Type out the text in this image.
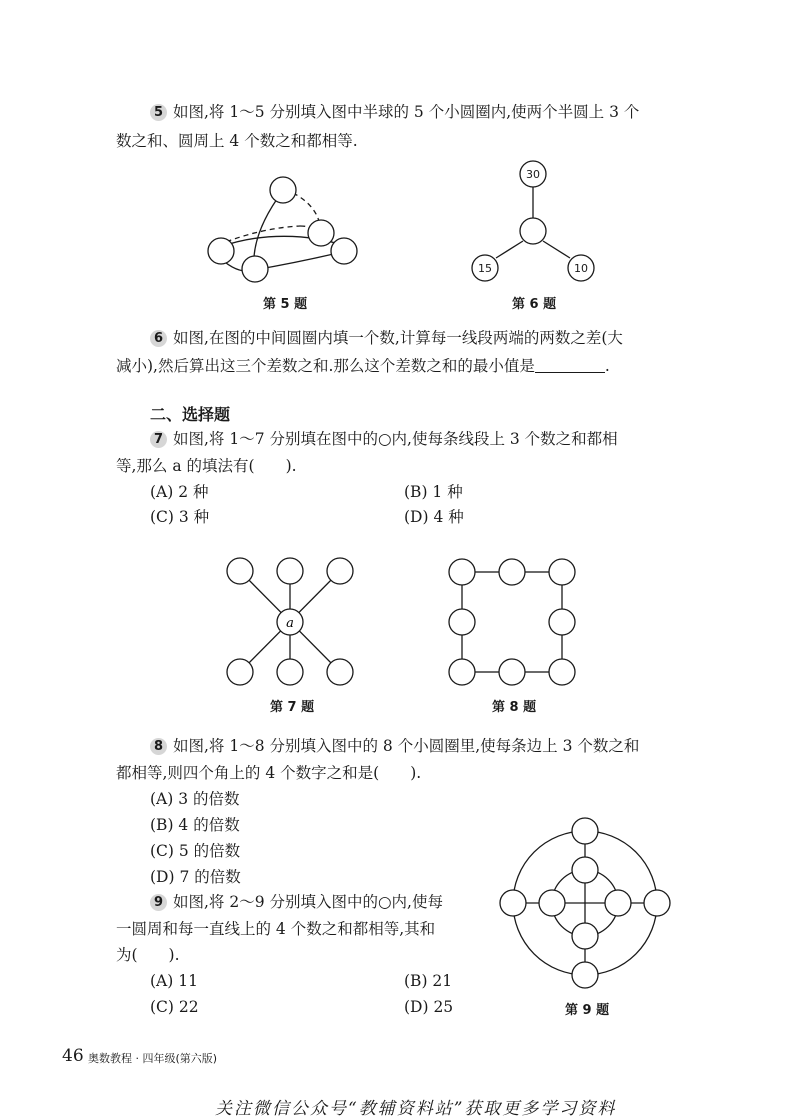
5 如图,将 1～5 分别填入图中半球的 5 个小圆圈内,使两个半圆上 3 个
数之和、圆周上 4 个数之和都相等.
第 5 题
30
15	10
第 6 题
6 如图,在图的中间圆圈内填一个数,计算每一线段两端的两数之差(大
减小),然后算出这三个差数之和.那么这个差数之和的最小值是	.
二、选择题
7 如图,将 1～7 分别填在图中的○内,使每条线段上 3 个数之和都相
等,那么 a 的填法有(　　).
(A) 2 种	(B) 1 种
(C) 3 种	(D) 4 种
a
第 7 题	第 8 题
8 如图,将 1～8 分别填入图中的 8 个小圆圈里,使每条边上 3 个数之和
都相等,则四个角上的 4 个数字之和是(　　).
(A) 3 的倍数
(B) 4 的倍数
(C) 5 的倍数
(D) 7 的倍数
9 如图,将 2～9 分别填入图中的○内,使每
一圆周和每一直线上的 4 个数之和都相等,其和
为(　　).
(A) 11	(B) 21
(C) 22	(D) 25	第 9 题
46 奥数教程 · 四年级(第六版)
关注微信公众号“教辅资料站”获取更多学习资料
